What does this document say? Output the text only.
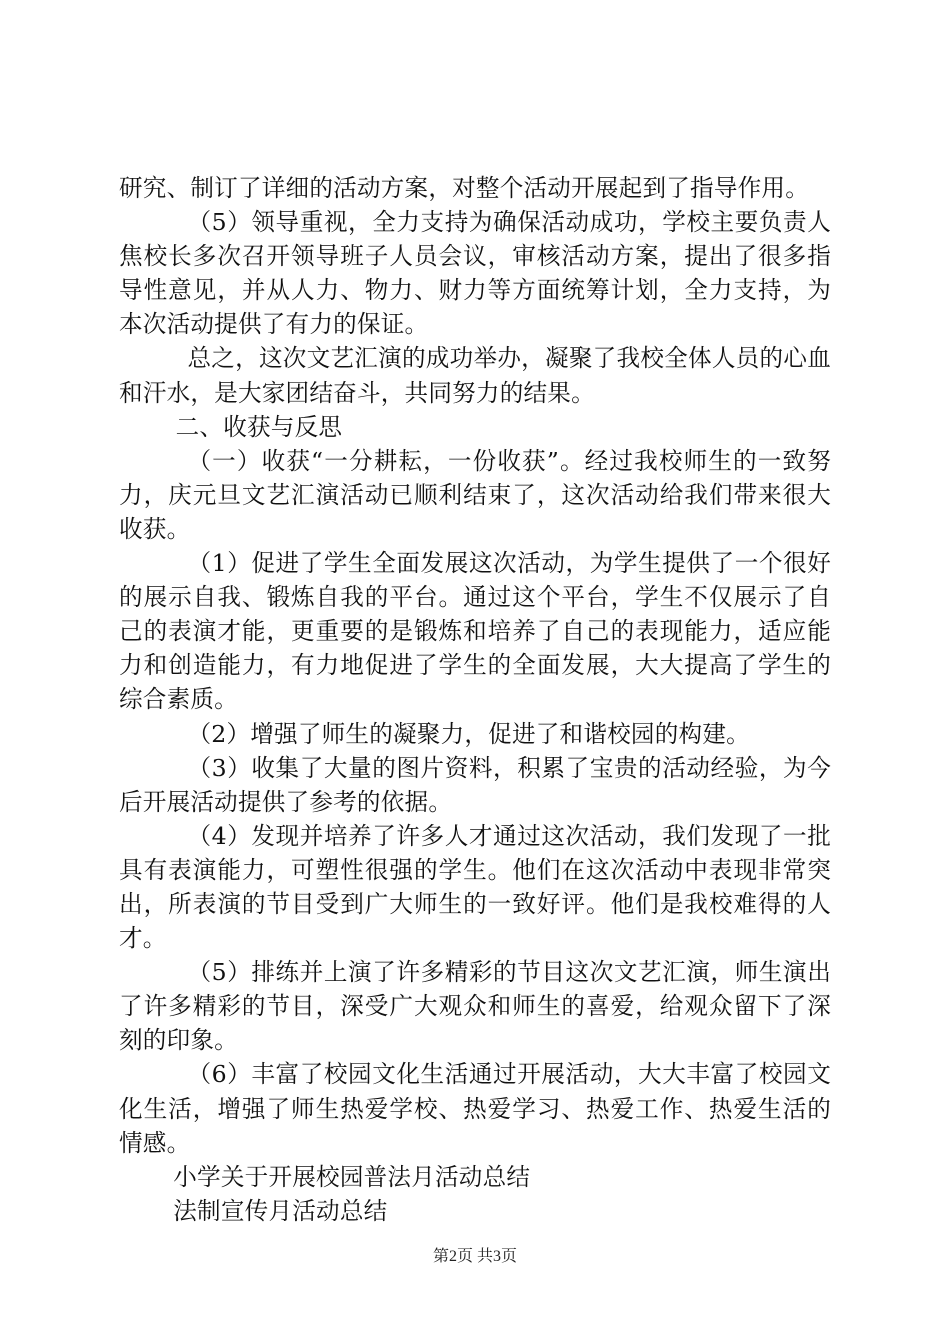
研究、制订了详细的活动方案，对整个活动开展起到了指导作用。

（5）领导重视，全力支持为确保活动成功，学校主要负责人焦校长多次召开领导班子人员会议，审核活动方案，提出了很多指导性意见，并从人力、物力、财力等方面统筹计划，全力支持，为本次活动提供了有力的保证。

总之，这次文艺汇演的成功举办，凝聚了我校全体人员的心血和汗水，是大家团结奋斗，共同努力的结果。

二、收获与反思

（一）收获“一分耕耘，一份收获”。经过我校师生的一致努力，庆元旦文艺汇演活动已顺利结束了，这次活动给我们带来很大收获。

（1）促进了学生全面发展这次活动，为学生提供了一个很好的展示自我、锻炼自我的平台。通过这个平台，学生不仅展示了自己的表演才能，更重要的是锻炼和培养了自己的表现能力，适应能力和创造能力，有力地促进了学生的全面发展，大大提高了学生的综合素质。

（2）增强了师生的凝聚力，促进了和谐校园的构建。

（3）收集了大量的图片资料，积累了宝贵的活动经验，为今后开展活动提供了参考的依据。

（4）发现并培养了许多人才通过这次活动，我们发现了一批具有表演能力，可塑性很强的学生。他们在这次活动中表现非常突出，所表演的节目受到广大师生的一致好评。他们是我校难得的人才。

（5）排练并上演了许多精彩的节目这次文艺汇演，师生演出了许多精彩的节目，深受广大观众和师生的喜爱，给观众留下了深刻的印象。

（6）丰富了校园文化生活通过开展活动，大大丰富了校园文化生活，增强了师生热爱学校、热爱学习、热爱工作、热爱生活的情感。

小学关于开展校园普法月活动总结

法制宣传月活动总结

第2页 共3页
